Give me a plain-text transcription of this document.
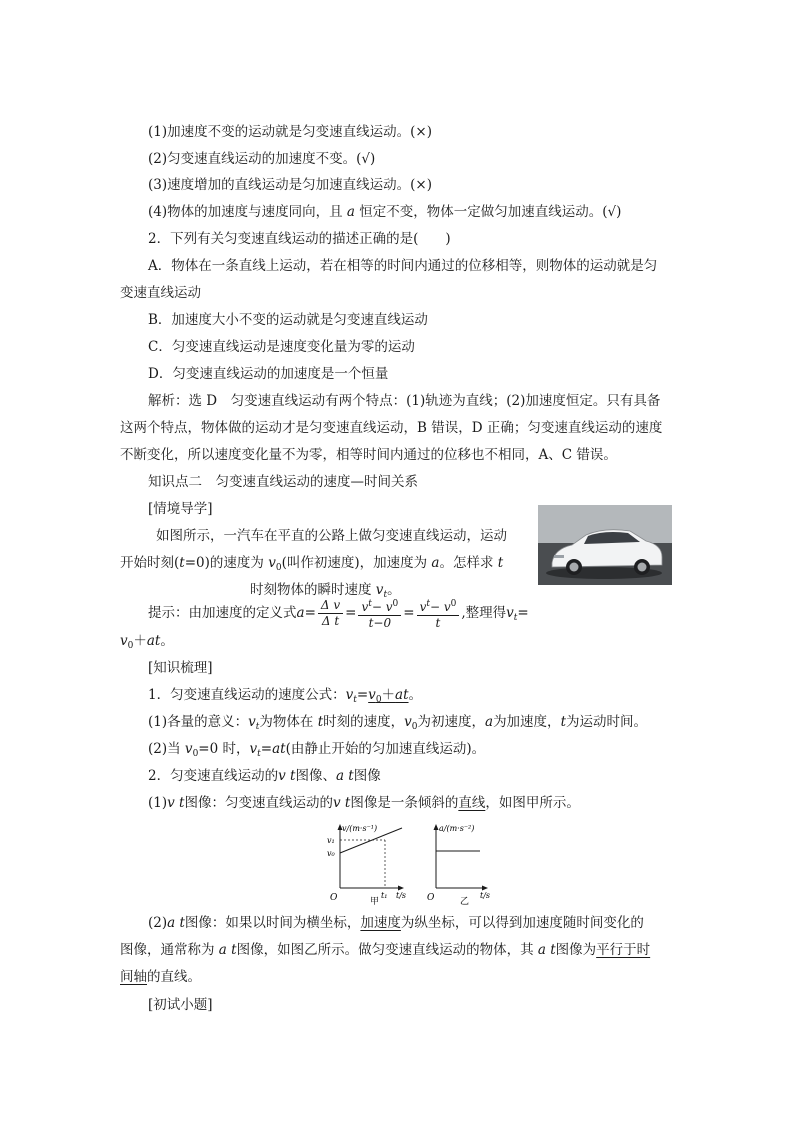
(1)加速度不变的运动就是匀变速直线运动。(×)
(2)匀变速直线运动的加速度不变。(√)
(3)速度增加的直线运动是匀加速直线运动。(×)
(4)物体的加速度与速度同向，且 a 恒定不变，物体一定做匀加速直线运动。(√)
2．下列有关匀变速直线运动的描述正确的是(　　)
A．物体在一条直线上运动，若在相等的时间内通过的位移相等，则物体的运动就是匀
变速直线运动
B．加速度大小不变的运动就是匀变速直线运动
C．匀变速直线运动是速度变化量为零的运动
D．匀变速直线运动的加速度是一个恒量
解析：选 D　匀变速直线运动有两个特点：(1)轨迹为直线；(2)加速度恒定。只有具备
这两个特点，物体做的运动才是匀变速直线运动，B 错误，D 正确；匀变速直线运动的速度
不断变化，所以速度变化量不为零，相等时间内通过的位移也不相同，A、C 错误。
知识点二　匀变速直线运动的速度—时间关系
[情境导学]
如图所示，一汽车在平直的公路上做匀变速直线运动，运动
开始时刻(t=0)的速度为 $v_0$(叫作初速度)，加速度为 a。怎样求 t
时刻物体的瞬时速度 $v_t$。
提示：由加速度的定义式$a= \frac{\text{Δ v}}{\text{Δ t}} = \frac{v^t- v^0}{t-0} = \frac{v^t- v^0}{t}$ ,整理得$v_t=$
$v_0+at$。
[知识梳理]
1．匀变速直线运动的速度公式：$v_t=v_0+at$。
(1)各量的意义：$v_t$为物体在 t时刻的速度，$v_0$为初速度，a为加速度，t为运动时间。
(2)当 $v_0=0$ 时，$v_t=at$(由静止开始的匀加速直线运动)。
2．匀变速直线运动的v t图像、a t图像
(1)v t图像：匀变速直线运动的v t图像是一条倾斜的直线，如图甲所示。
v/(m·s⁻¹)
v₁
v₀
O	t₁ t/s
甲
a/(m·s⁻²)
O	t/s
乙
(2)a t图像：如果以时间为横坐标，加速度为纵坐标，可以得到加速度随时间变化的
图像，通常称为 a t图像，如图乙所示。做匀变速直线运动的物体，其 a t图像为平行于时
间轴的直线。
[初试小题]
